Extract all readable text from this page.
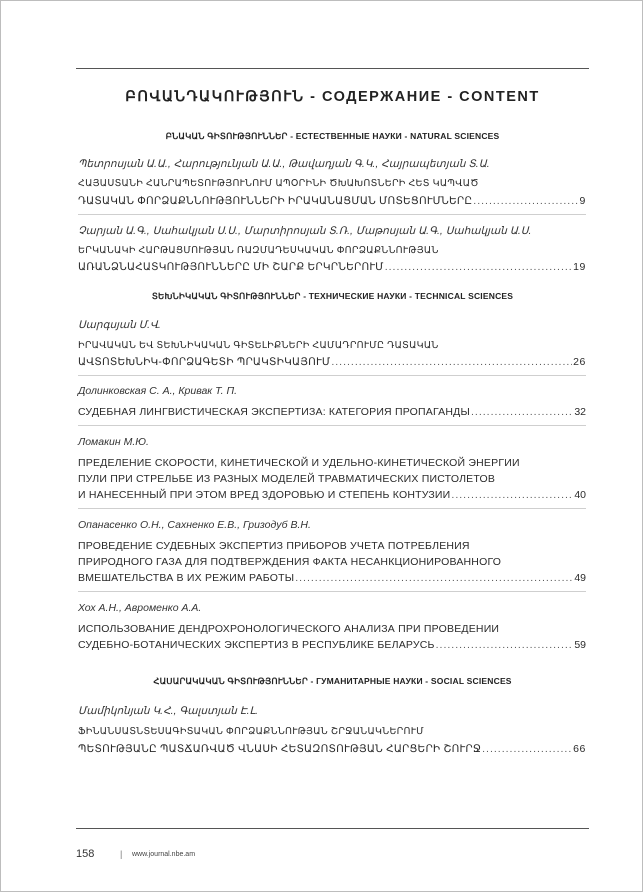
ԲՈՎԱՆԴԱԿՈՒԹՅՈՒՆ - СОДЕРЖАНИЕ - CONTENT
ԲՆԱԿԱՆ ԳԻՏՈՒԹՅՈՒՆՆԵՐ - ЕСТЕСТВЕННЫЕ НАУКИ - NATURAL SCIENCES
Պետրոսյան Ա.Ա., Հարությունյան Ա.Ա., Թավադյան Գ.Կ., Հայրապետյան Տ.Ա.
ՀԱՅԱՍՏԱՆԻ ՀԱՆՐԱՊԵՏՈՒԹՅՈՒՆՈՒՄ ԱՊՕՐԻՆԻ ԾԽԱԽՈՏՆԵՐԻ ՀԵՏ ԿԱՊՎԱԾ
ԴԱՏԱԿԱՆ ՓՈՐՁԱՔՆՆՈՒԹՅՈՒՆՆԵՐԻ ԻՐԱԿԱՆԱՑՄԱՆ ՄՈՏԵՑՈՒՄՆԵՐԸ .....	9
Չարյան Ա.Գ., Սահակյան Ս.Ս., Մարտիրոսյան Տ.Ռ., Մաթոսյան Ա.Գ., Սահակյան Ա.Ս.
ԵՐԿԱՆԱԿԻ ՀԱՐԹԱՑՄՈՒԹՅԱՆ ՌԱԶՄԱԴԵՍԿԱԿԱՆ ՓՈՐՁԱՔՆՆՈՒԹՅԱՆ
ԱՌԱՆՁՆԱՀԱՏԿՈՒԹՅՈՒՆՆԵՐԸ ՄԻ ՇԱՐՔ ԵՐԿՐՆԵՐՈՒՄ .....	19
ՏԵԽՆԻԿԱԿԱՆ ԳԻՏՈՒԹՅՈՒՆՆԵՐ - ТЕХНИЧЕСКИЕ НАУКИ - TECHNICAL SCIENCES
Սարգսյան Մ.Վ.
ԻՐԱՎԱԿԱՆ ԵՎ ՏԵԽՆԻԿԱԿԱՆ ԳԻՏԵԼԻՔՆԵՐԻ ՀԱՄԱԴՐՈՒՄԸ ԴԱՏԱԿԱՆ
ԱՎՏՈՏԵԽՆԻԿ-ՓՈՐՁԱԳԵՏԻ ՊՐԱԿՏԻԿԱՅՈՒՄ .....	26
Долинковская С. А., Кривак Т. П.
СУДЕБНАЯ ЛИНГВИСТИЧЕСКАЯ ЭКСПЕРТИЗА: КАТЕГОРИЯ ПРОПАГАНДЫ .....	32
Ломакин М.Ю.
ПРЕДЕЛЕНИЕ СКОРОСТИ, КИНЕТИЧЕСКОЙ И УДЕЛЬНО-КИНЕТИЧЕСКОЙ ЭНЕРГИИ
ПУЛИ ПРИ СТРЕЛЬБЕ ИЗ РАЗНЫХ МОДЕЛЕЙ ТРАВМАТИЧЕСКИХ ПИСТОЛЕТОВ
И НАНЕСЕННЫЙ ПРИ ЭТОМ ВРЕД ЗДОРОВЬЮ И СТЕПЕНЬ КОНТУЗИИ .....	40
Опанасенко О.Н., Сахненко Е.В., Гризодуб В.Н.
ПРОВЕДЕНИЕ СУДЕБНЫХ ЭКСПЕРТИЗ ПРИБОРОВ УЧЕТА ПОТРЕБЛЕНИЯ
ПРИРОДНОГО ГАЗА ДЛЯ ПОДТВЕРЖДЕНИЯ ФАКТА НЕСАНКЦИОНИРОВАННОГО
ВМЕШАТЕЛЬСТВА В ИХ РЕЖИМ РАБОТЫ .....	49
Хох А.Н., Авроменко А.А.
ИСПОЛЬЗОВАНИЕ ДЕНДРОХРОНОЛОГИЧЕСКОГО АНАЛИЗА ПРИ ПРОВЕДЕНИИ
СУДЕБНО-БОТАНИЧЕСКИХ ЭКСПЕРТИЗ В РЕСПУБЛИКЕ БЕЛАРУСЬ .....	59
ՀԱՍԱՐԱԿԱԿԱՆ ԳԻՏՈՒԹՅՈՒՆՆԵՐ - ГУМАНИТАРНЫЕ НАУКИ - SOCIAL SCIENCES
Մամիկոնյան Կ.Հ., Գալստյան Է.Լ.
ՖԻՆԱՆՍԱՏՆՏԵՍԱԳԻՏԱԿԱՆ ՓՈՐՁԱՔՆՆՈՒԹՅԱՆ ՇՐՋԱՆԱԿՆԵՐՈՒՄ
ՊԵՏՈՒԹՅԱՆԸ ՊԱՏՃԱՌՎԱԾ ՎՆԱՍԻ ՀԵՏԱԶՈՏՈՒԹՅԱՆ ՀԱՐՑԵՐԻ ՇՈՒՐՋ .....	66
158	| www.journal.nbe.am
